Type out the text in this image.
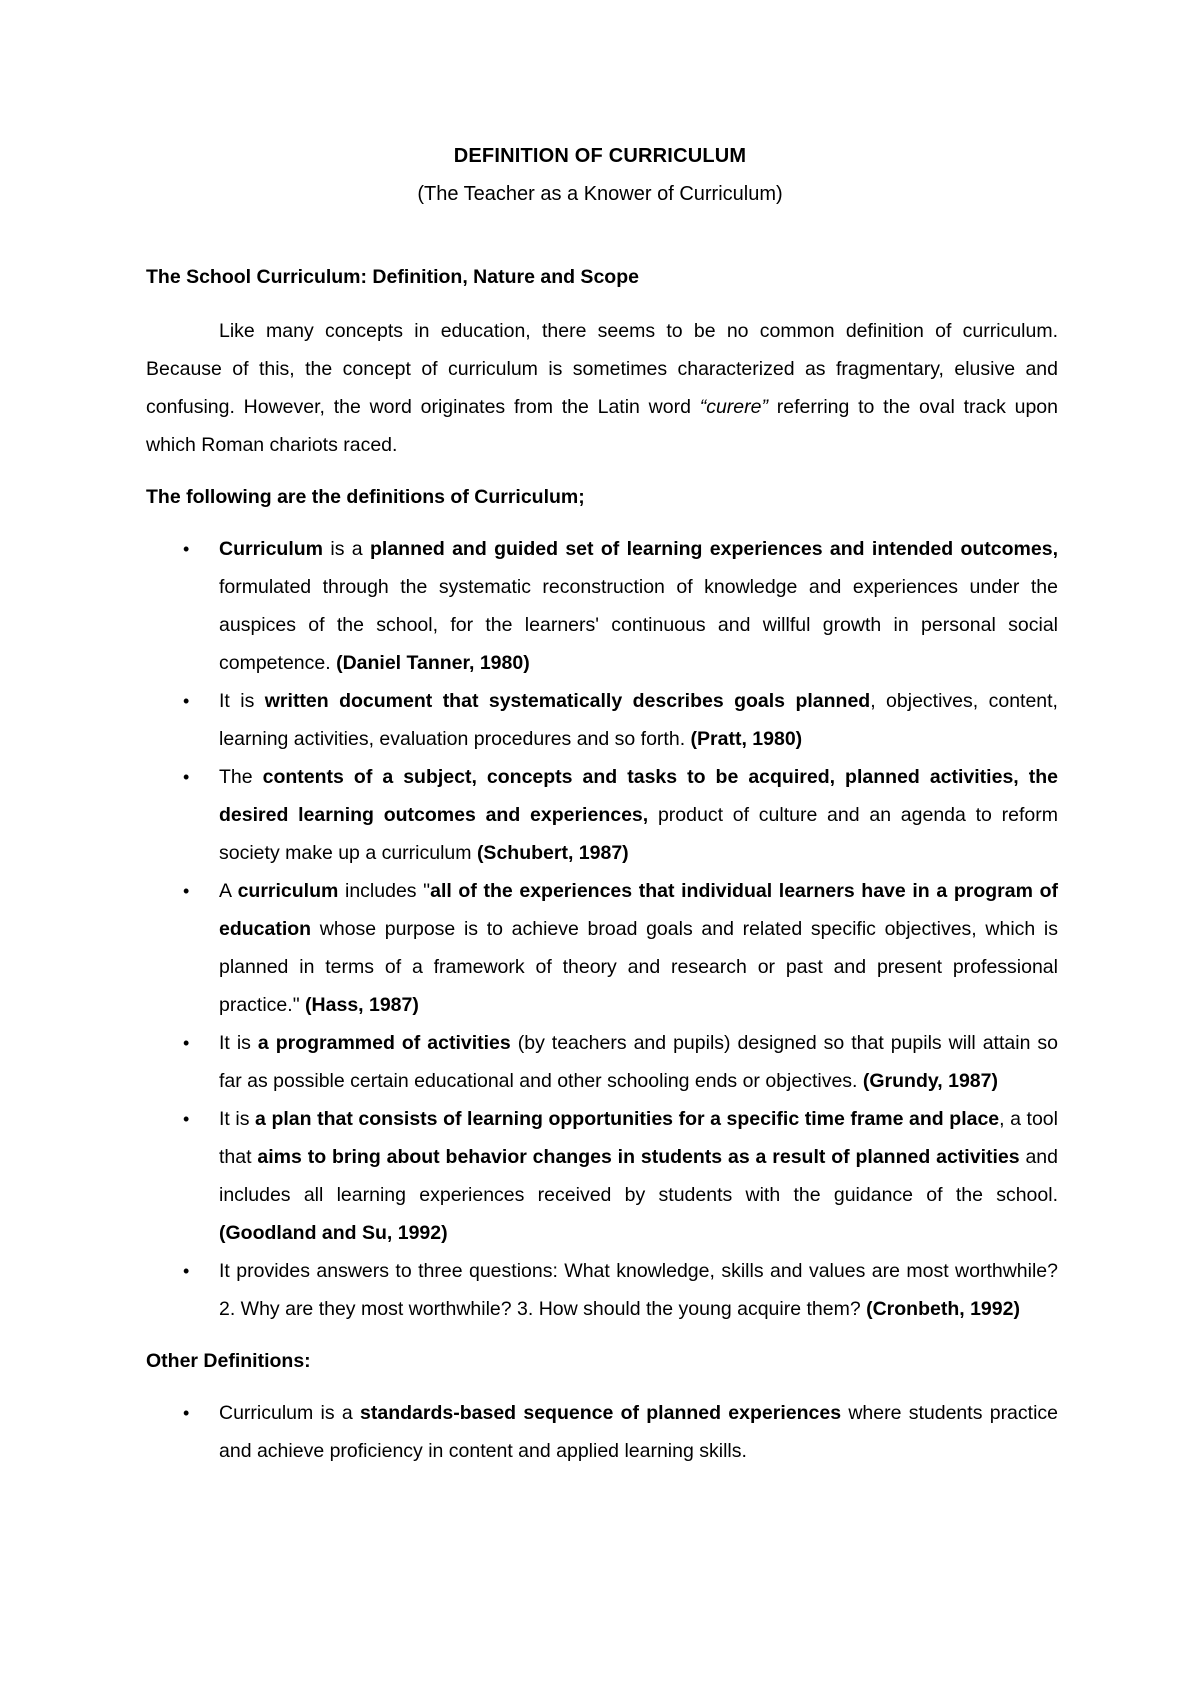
DEFINITION OF CURRICULUM
(The Teacher as a Knower of Curriculum)

The School Curriculum: Definition, Nature and Scope

Like many concepts in education, there seems to be no common definition of curriculum. Because of this, the concept of curriculum is sometimes characterized as fragmentary, elusive and confusing. However, the word originates from the Latin word “curere” referring to the oval track upon which Roman chariots raced.

The following are the definitions of Curriculum;

• Curriculum is a planned and guided set of learning experiences and intended outcomes, formulated through the systematic reconstruction of knowledge and experiences under the auspices of the school, for the learners' continuous and willful growth in personal social competence. (Daniel Tanner, 1980)
• It is written document that systematically describes goals planned, objectives, content, learning activities, evaluation procedures and so forth. (Pratt, 1980)
• The contents of a subject, concepts and tasks to be acquired, planned activities, the desired learning outcomes and experiences, product of culture and an agenda to reform society make up a curriculum (Schubert, 1987)
• A curriculum includes "all of the experiences that individual learners have in a program of education whose purpose is to achieve broad goals and related specific objectives, which is planned in terms of a framework of theory and research or past and present professional practice." (Hass, 1987)
• It is a programmed of activities (by teachers and pupils) designed so that pupils will attain so far as possible certain educational and other schooling ends or objectives. (Grundy, 1987)
• It is a plan that consists of learning opportunities for a specific time frame and place, a tool that aims to bring about behavior changes in students as a result of planned activities and includes all learning experiences received by students with the guidance of the school. (Goodland and Su, 1992)
• It provides answers to three questions: What knowledge, skills and values are most worthwhile? 2. Why are they most worthwhile? 3. How should the young acquire them? (Cronbeth, 1992)

Other Definitions:

• Curriculum is a standards-based sequence of planned experiences where students practice and achieve proficiency in content and applied learning skills.
